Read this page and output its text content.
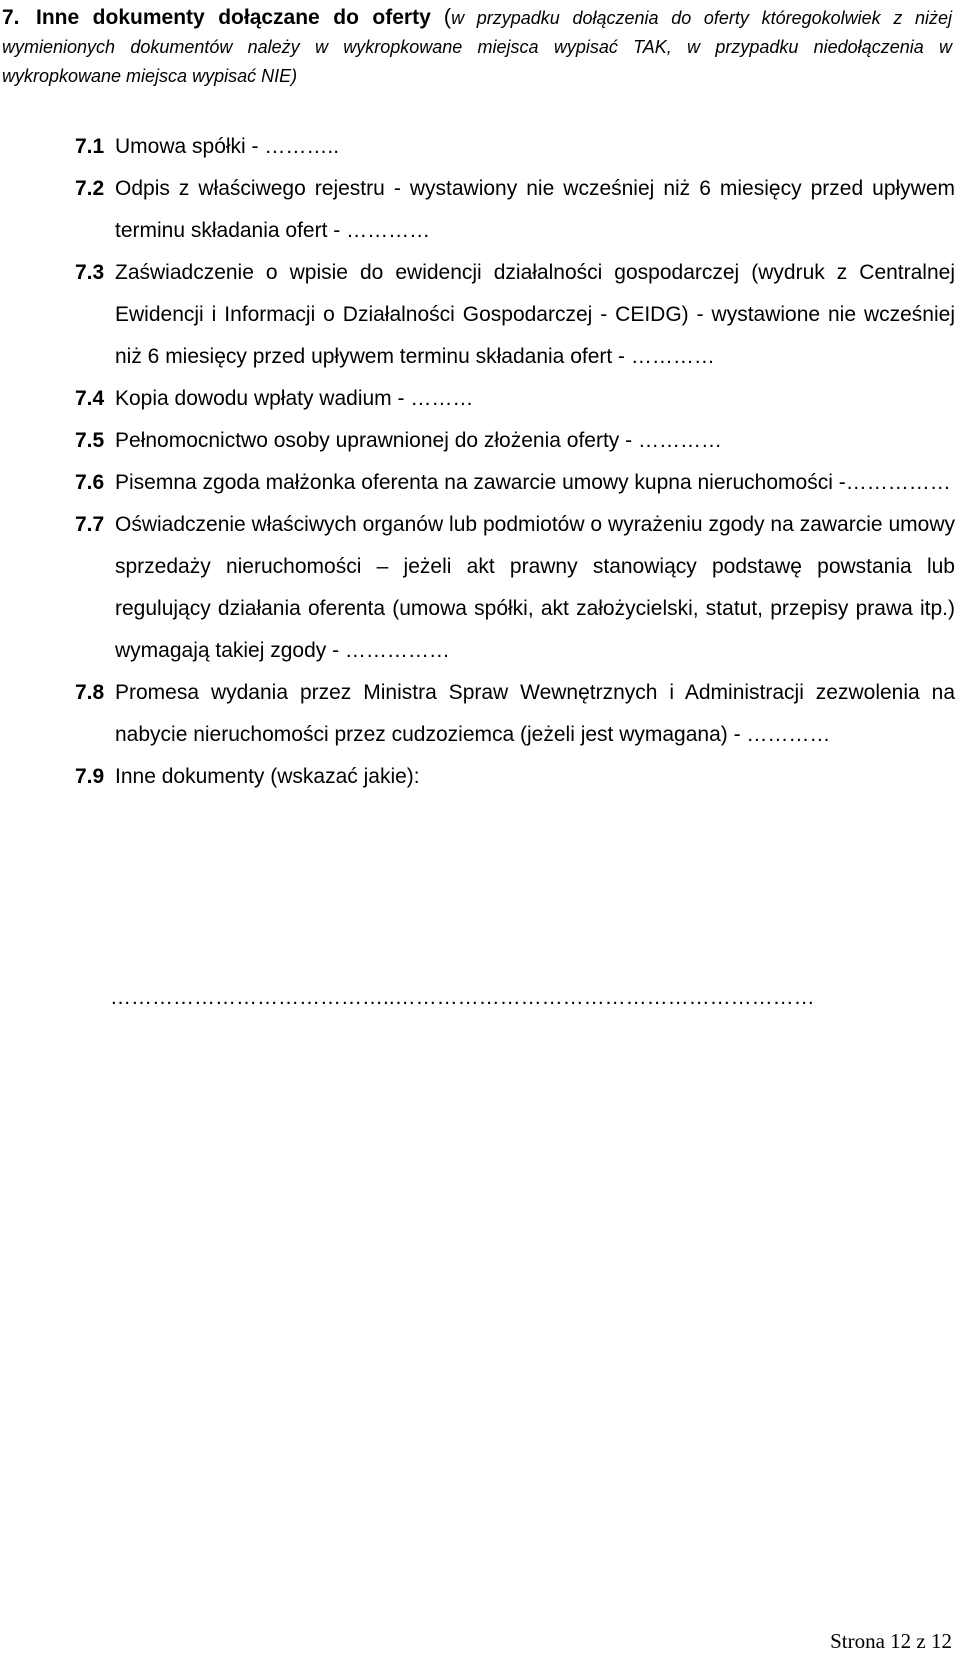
7. Inne dokumenty dołączane do oferty (w przypadku dołączenia do oferty któregokolwiek z niżej wymienionych dokumentów należy w wykropkowane miejsca wypisać TAK, w przypadku niedołączenia w wykropkowane miejsca wypisać NIE)
7.1 Umowa spółki - ………..
7.2 Odpis z właściwego rejestru - wystawiony nie wcześniej niż 6 miesięcy przed upływem terminu składania ofert - …………
7.3 Zaświadczenie o wpisie do ewidencji działalności gospodarczej (wydruk z Centralnej Ewidencji i Informacji o Działalności Gospodarczej - CEIDG) - wystawione nie wcześniej niż 6 miesięcy przed upływem terminu składania ofert - …………
7.4 Kopia dowodu wpłaty wadium - ………
7.5 Pełnomocnictwo osoby uprawnionej do złożenia oferty - …………
7.6 Pisemna zgoda małżonka oferenta na zawarcie umowy kupna nieruchomości -……………
7.7 Oświadczenie właściwych organów lub podmiotów o wyrażeniu zgody na zawarcie umowy sprzedaży nieruchomości – jeżeli akt prawny stanowiący podstawę powstania lub regulujący działania oferenta (umowa spółki, akt założycielski, statut, przepisy prawa itp.) wymagają takiej zgody - ……………
7.8 Promesa wydania przez Ministra Spraw Wewnętrznych i Administracji zezwolenia na nabycie nieruchomości przez cudzoziemca (jeżeli jest wymagana) - …………
7.9 Inne dokumenty (wskazać jakie):
…………………………………..……………………………………………………
Strona 12 z 12
